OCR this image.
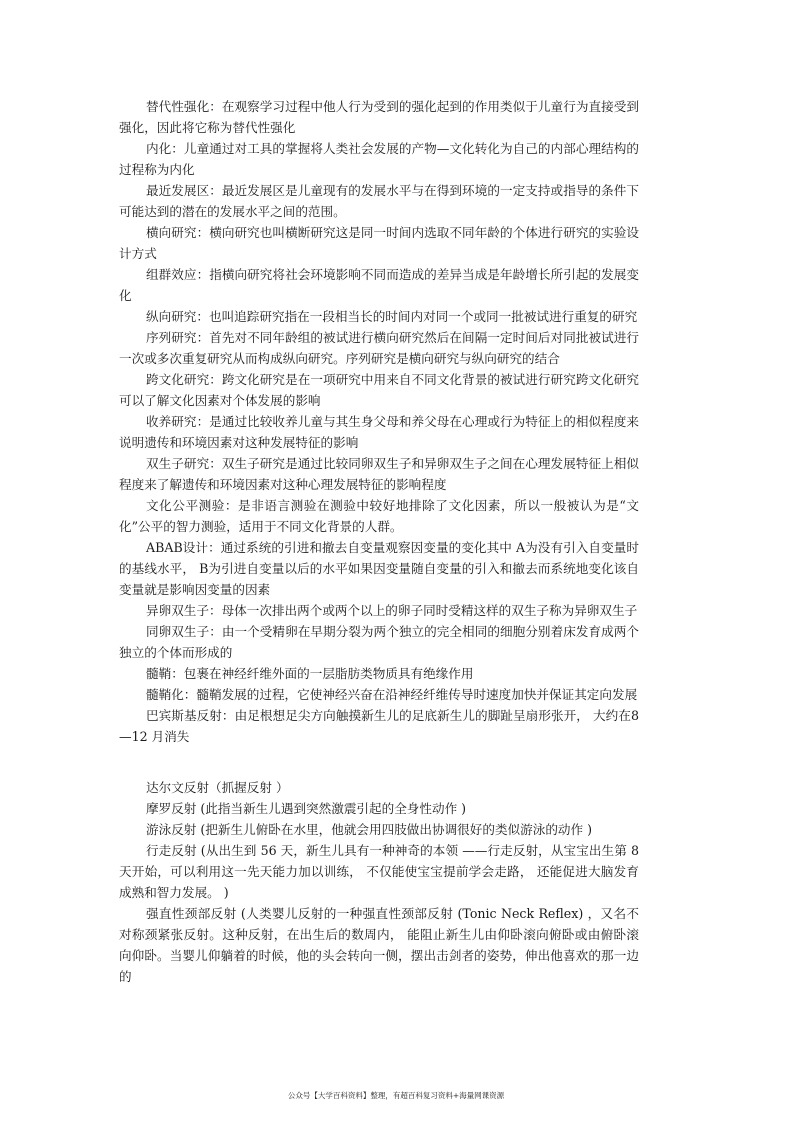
替代性强化：在观察学习过程中他人行为受到的强化起到的作用类似于儿童行为直接受到强化，因此将它称为替代性强化

内化：儿童通过对工具的掌握将人类社会发展的产物—文化转化为自己的内部心理结构的过程称为内化

最近发展区：最近发展区是儿童现有的发展水平与在得到环境的一定支持或指导的条件下可能达到的潜在的发展水平之间的范围。

横向研究：横向研究也叫横断研究这是同一时间内选取不同年龄的个体进行研究的实验设计方式

组群效应：指横向研究将社会环境影响不同而造成的差异当成是年龄增长所引起的发展变化

纵向研究：也叫追踪研究指在一段相当长的时间内对同一个或同一批被试进行重复的研究

序列研究：首先对不同年龄组的被试进行横向研究然后在间隔一定时间后对同批被试进行一次或多次重复研究从而构成纵向研究。序列研究是横向研究与纵向研究的结合

跨文化研究：跨文化研究是在一项研究中用来自不同文化背景的被试进行研究跨文化研究可以了解文化因素对个体发展的影响

收养研究：是通过比较收养儿童与其生身父母和养父母在心理或行为特征上的相似程度来说明遗传和环境因素对这种发展特征的影响

双生子研究：双生子研究是通过比较同卵双生子和异卵双生子之间在心理发展特征上相似程度来了解遗传和环境因素对这种心理发展特征的影响程度

文化公平测验：是非语言测验在测验中较好地排除了文化因素，所以一般被认为是“文化”公平的智力测验，适用于不同文化背景的人群。

ABAB设计：通过系统的引进和撤去自变量观察因变量的变化其中 A为没有引入自变量时的基线水平， B为引进自变量以后的水平如果因变量随自变量的引入和撤去而系统地变化该自变量就是影响因变量的因素

异卵双生子：母体一次排出两个或两个以上的卵子同时受精这样的双生子称为异卵双生子

同卵双生子：由一个受精卵在早期分裂为两个独立的完全相同的细胞分别着床发育成两个独立的个体而形成的

髓鞘：包裹在神经纤维外面的一层脂肪类物质具有绝缘作用

髓鞘化：髓鞘发展的过程，它使神经兴奋在沿神经纤维传导时速度加快并保证其定向发展

巴宾斯基反射：由足根想足尖方向触摸新生儿的足底新生儿的脚趾呈扇形张开， 大约在8—12 月消失

达尔文反射（抓握反射 ）

摩罗反射 (此指当新生儿遇到突然激震引起的全身性动作 )

游泳反射 (把新生儿俯卧在水里，他就会用四肢做出协调很好的类似游泳的动作 )

行走反射 (从出生到 56 天，新生儿具有一种神奇的本领 ——行走反射，从宝宝出生第 8天开始，可以利用这一先天能力加以训练， 不仅能使宝宝提前学会走路， 还能促进大脑发育成熟和智力发展。 )

强直性颈部反射 (人类婴儿反射的一种强直性颈部反射 (Tonic Neck Reflex) ，又名不对称颈紧张反射。这种反射，在出生后的数周内， 能阻止新生儿由仰卧滚向俯卧或由俯卧滚向仰卧。当婴儿仰躺着的时候，他的头会转向一侧，摆出击剑者的姿势，伸出他喜欢的那一边的

公众号【大学百科资料】整理，有超百科复习资料+海量网课资源
